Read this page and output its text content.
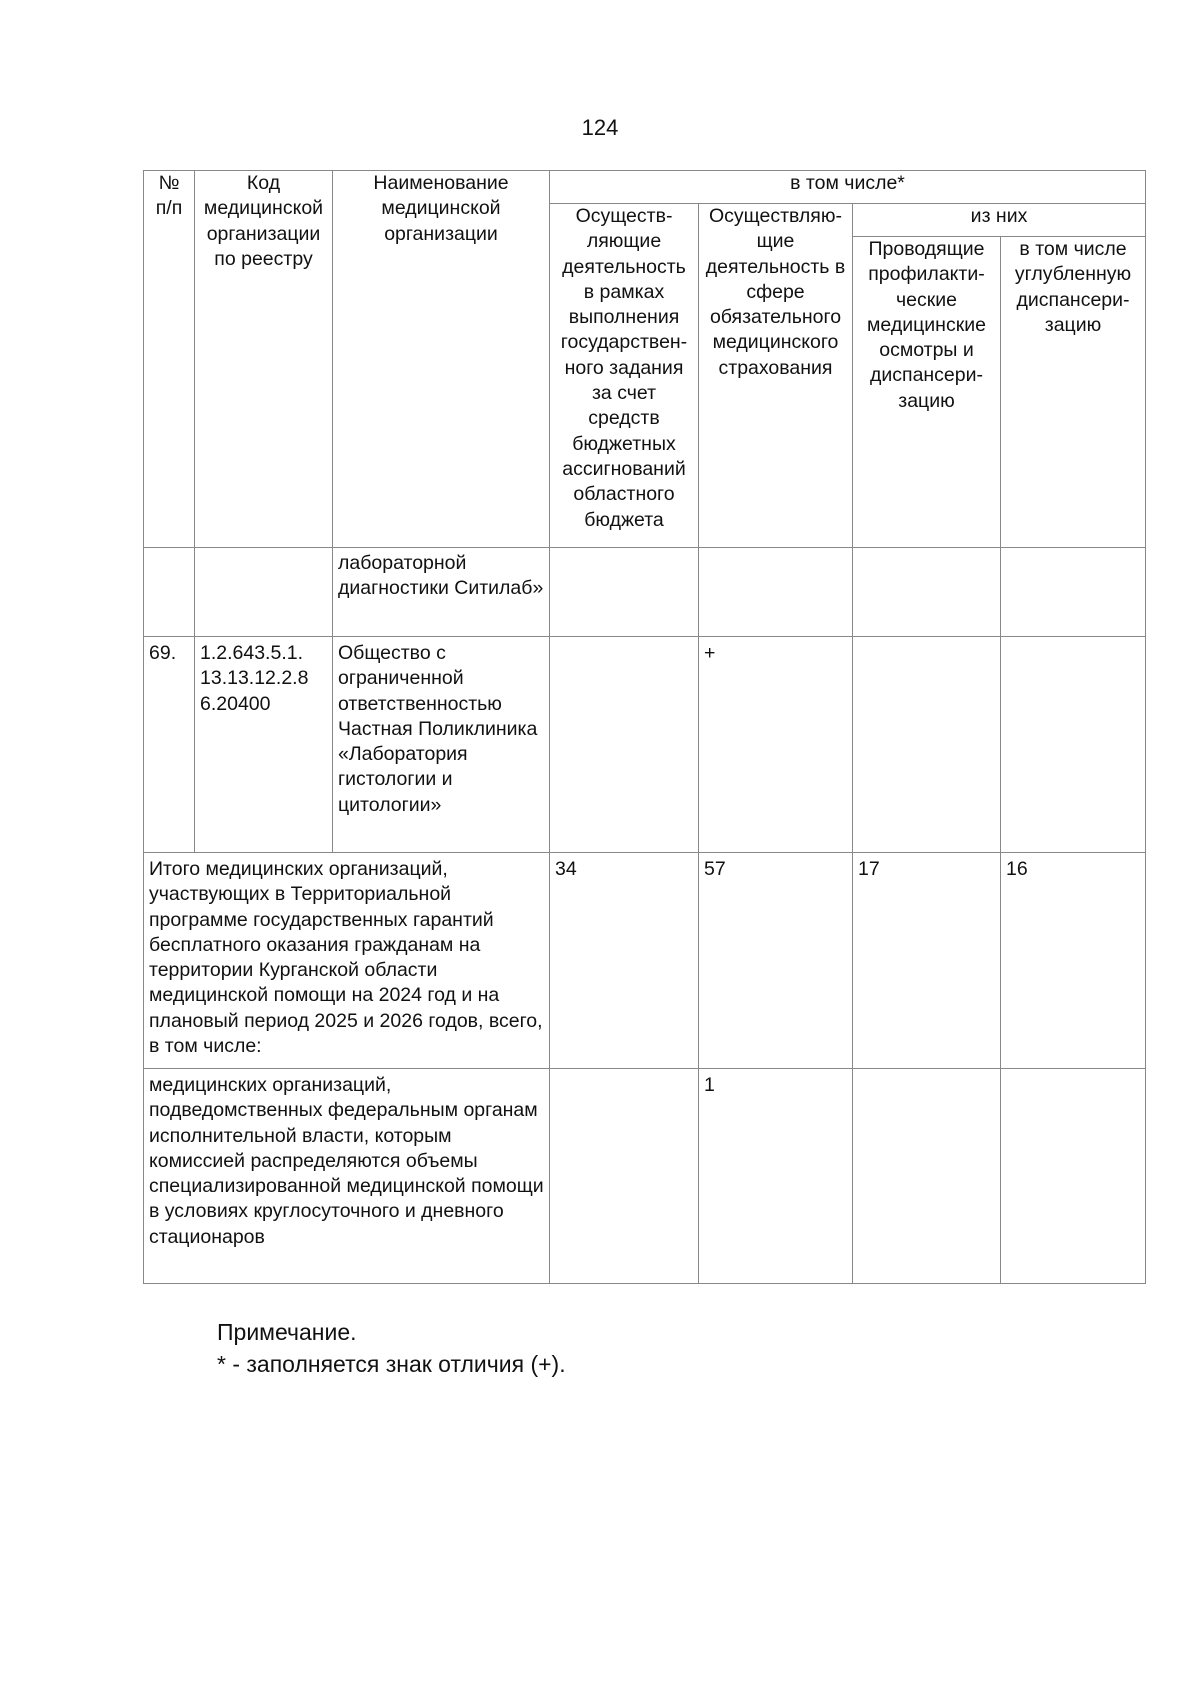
124
№ п/п	Код медицинской организации по реестру	Наименование медицинской организации	в том числе*			
			Осуществ-ляющие деятельность в рамках выполнения государствен-ного задания за счет средств бюджетных ассигнований областного бюджета	Осуществляю-щие деятельность в сфере обязательного медицинского страхования	из них	
					Проводящие профилакти-ческие медицинские осмотры и диспансери-зацию	в том числе углубленную диспансери-зацию
		лабораторной диагностики Ситилаб»				
69.	1.2.643.5.1. 13.13.12.2.8 6.20400	Общество с ограниченной ответственностью Частная Поликлиника «Лаборатория гистологии и цитологии»		+		
Итого медицинских организаций, участвующих в Территориальной программе государственных гарантий бесплатного оказания гражданам на территории Курганской области медицинской помощи на 2024 год и на плановый период 2025 и 2026 годов, всего, в том числе:			34	57	17	16
медицинских организаций, подведомственных федеральным органам исполнительной власти, которым комиссией распределяются объемы специализированной медицинской помощи в условиях круглосуточного и дневного стационаров				1		
Примечание.
* - заполняется знак отличия (+).
